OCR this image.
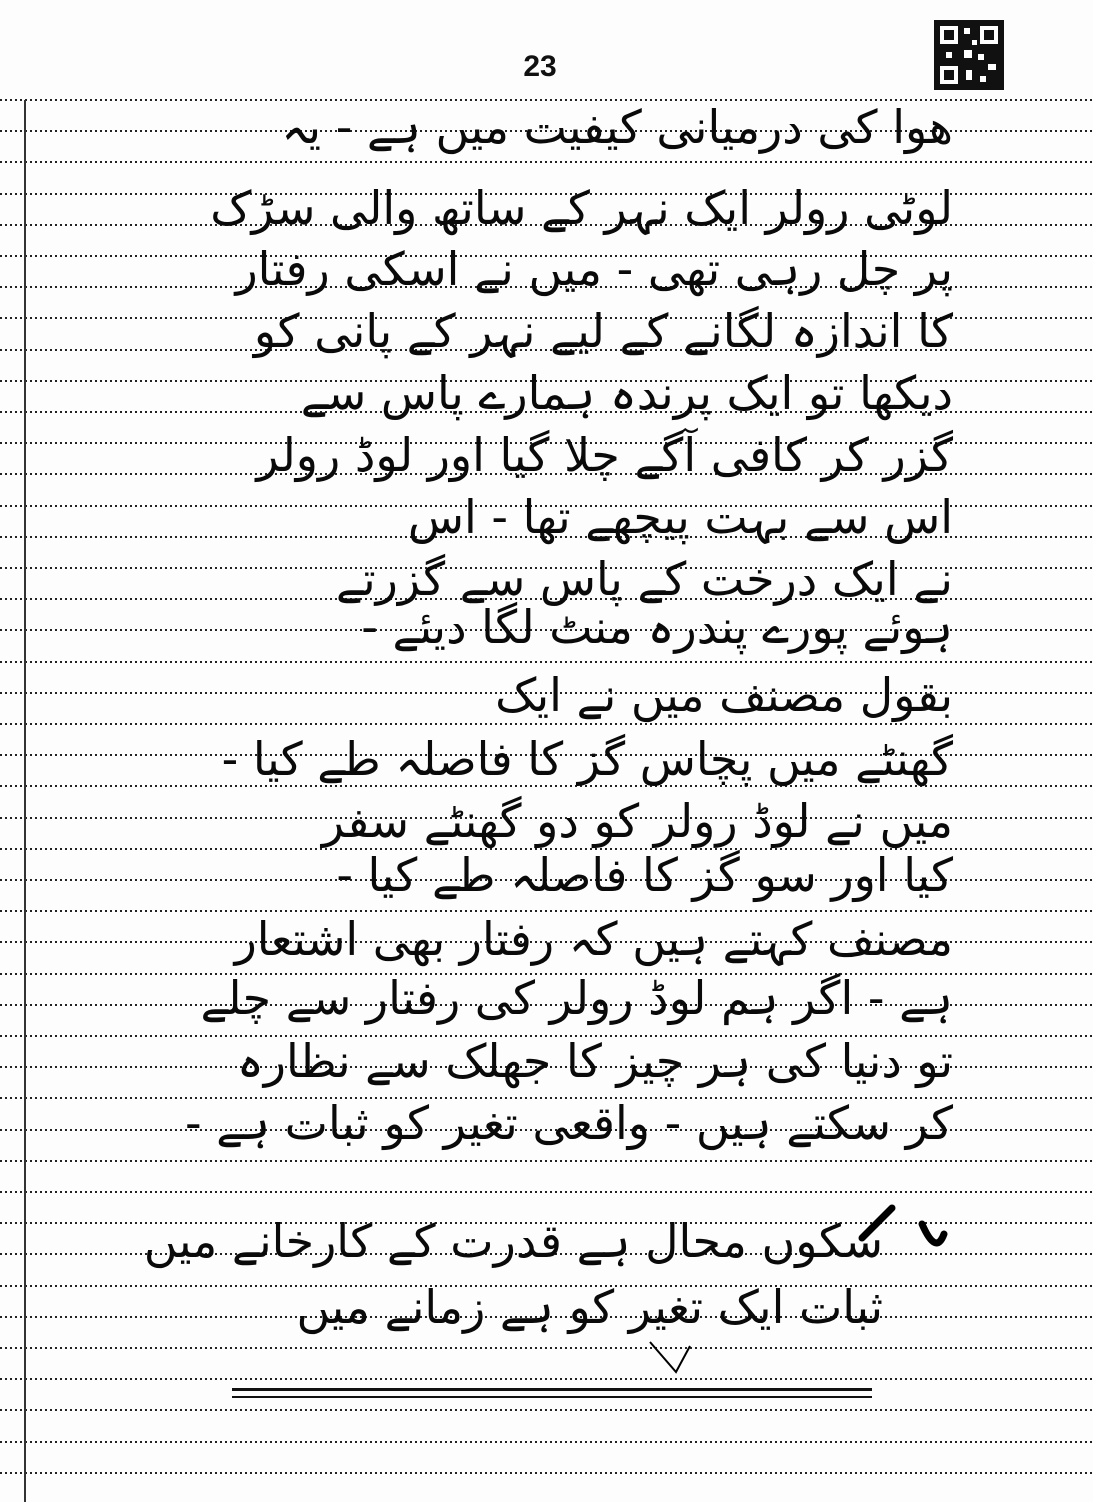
23
ھوا کی درمیانی کیفیت میں ہے - یہ
لوٹی رولر ایک نہر کے ساتھ والی سڑک
پر چل رہی تھی - میں نے اسکی رفتار
کا اندازہ لگانے کے لیے نہر کے پانی کو
دیکھا تو ایک پرندہ ہمارے پاس سے
گزر کر کافی آگے چلا گیا اور لوڈ رولر
اس سے بہت پیچھے تھا - اس
نے ایک درخت کے پاس سے گزرتے
ہوئے پورے پندرہ منٹ لگا دیئے -
بقول مصنف میں نے ایک
گھنٹے میں پچاس گز کا فاصلہ طے کیا -
میں نے لوڈ رولر کو دو گھنٹے سفر
کیا اور سو گز کا فاصلہ طے کیا -
مصنف کہتے ہیں کہ رفتار بھی اشتعار
ہے - اگر ہم لوڈ رولر کی رفتار سے چلے
تو دنیا کی ہر چیز کا جھلک سے نظارہ
کر سکتے ہیں - واقعی تغیر کو ثبات ہے -
سکوں محال ہے قدرت کے کارخانے میں
ثبات ایک تغیر کو ہے زمانے میں
